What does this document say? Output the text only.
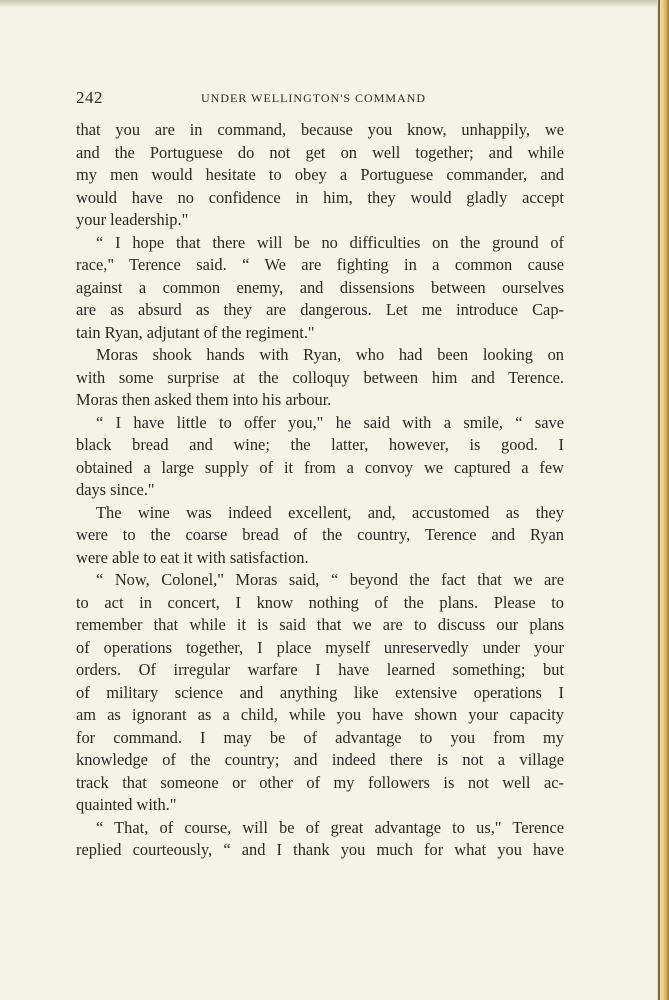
242	UNDER WELLINGTON'S COMMAND
that you are in command, because you know, unhappily, we
and the Portuguese do not get on well together; and while
my men would hesitate to obey a Portuguese commander, and
would have no confidence in him, they would gladly accept
your leadership."
“ I hope that there will be no difficulties on the ground of
race," Terence said. “ We are fighting in a common cause
against a common enemy, and dissensions between ourselves
are as absurd as they are dangerous. Let me introduce Cap-
tain Ryan, adjutant of the regiment."
Moras shook hands with Ryan, who had been looking on
with some surprise at the colloquy between him and Terence.
Moras then asked them into his arbour.
“ I have little to offer you," he said with a smile, “ save
black bread and wine; the latter, however, is good. I
obtained a large supply of it from a convoy we captured a few
days since."
The wine was indeed excellent, and, accustomed as they
were to the coarse bread of the country, Terence and Ryan
were able to eat it with satisfaction.
“ Now, Colonel," Moras said, “ beyond the fact that we are
to act in concert, I know nothing of the plans. Please to
remember that while it is said that we are to discuss our plans
of operations together, I place myself unreservedly under your
orders. Of irregular warfare I have learned something; but
of military science and anything like extensive operations I
am as ignorant as a child, while you have shown your capacity
for command. I may be of advantage to you from my
knowledge of the country; and indeed there is not a village
track that someone or other of my followers is not well ac-
quainted with."
“ That, of course, will be of great advantage to us," Terence
replied courteously, “ and I thank you much for what you have
